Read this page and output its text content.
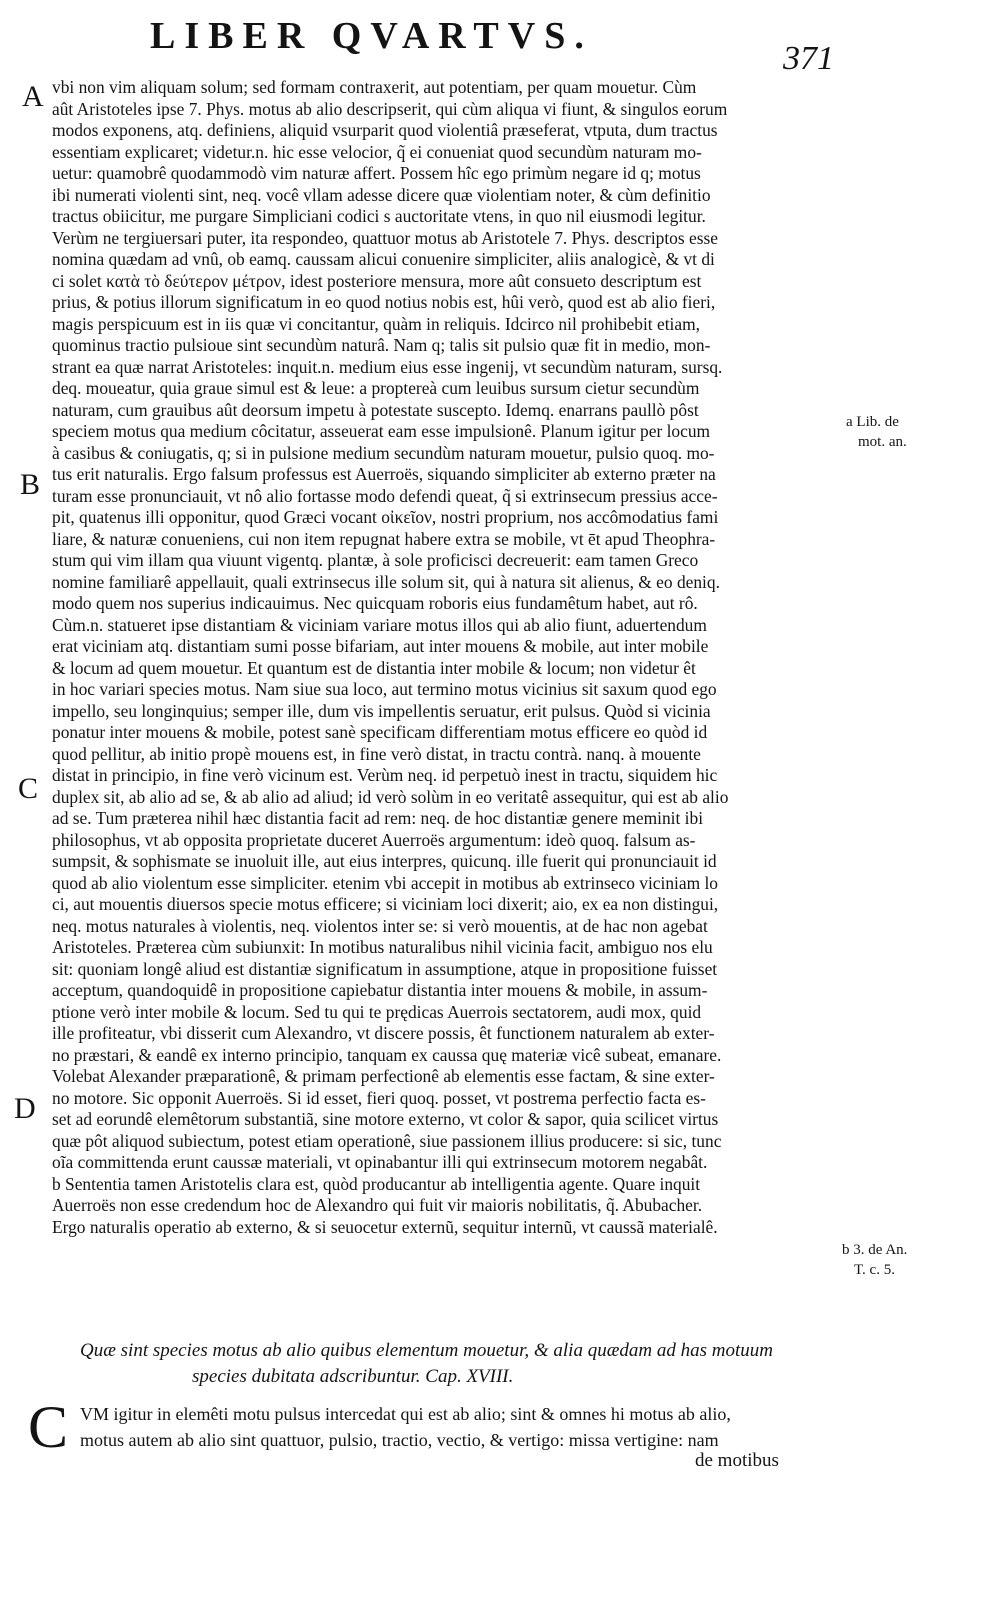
LIBER QVARTVS.
371
A
B
C
D
a Lib. de
mot. an.
b 3. de An.
T. c. 5.
vbi non vim aliquam solum; sed formam contraxerit, aut potentiam, per quam mouetur. Cùm
aût Aristoteles ipse 7. Phys. motus ab alio descripserit, qui cùm aliqua vi fiunt, & singulos eorum
modos exponens, atq. definiens, aliquid vsurparit quod violentiâ præseferat, vtputa, dum tractus
essentiam explicaret; videtur.n. hic esse velocior, q̃ ei conueniat quod secundùm naturam mo-
uetur: quamobrê quodammodò vim naturæ affert. Possem hîc ego primùm negare id q; motus
ibi numerati violenti sint, neq. você vllam adesse dicere quæ violentiam noter, & cùm definitio
tractus obiicitur, me purgare Simpliciani codici s auctoritate vtens, in quo nil eiusmodi legitur.
Verùm ne tergiuersari puter, ita respondeo, quattuor motus ab Aristotele 7. Phys. descriptos esse
nomina quædam ad vnû, ob eamq. caussam alicui conuenire simpliciter, aliis analogicè, & vt di
ci solet κατὰ τὸ δεύτερον μέτρον, idest posteriore mensura, more aût consueto descriptum est
prius, & potius illorum significatum in eo quod notius nobis est, hûi verò, quod est ab alio fieri,
magis perspicuum est in iis quæ vi concitantur, quàm in reliquis. Idcirco nil prohibebit etiam,
quominus tractio pulsioue sint secundùm naturâ. Nam q; talis sit pulsio quæ fit in medio, mon-
strant ea quæ narrat Aristoteles: inquit.n. medium eius esse ingenij, vt secundùm naturam, sursq.
deq. moueatur, quia graue simul est & leue: a proptereà cum leuibus sursum cietur secundùm
naturam, cum grauibus aût deorsum impetu à potestate suscepto. Idemq. enarrans paullò pôst
speciem motus qua medium côcitatur, asseuerat eam esse impulsionê. Planum igitur per locum
à casibus & coniugatis, q; si in pulsione medium secundùm naturam mouetur, pulsio quoq. mo-
tus erit naturalis. Ergo falsum professus est Auerroës, siquando simpliciter ab externo præter na
turam esse pronunciauit, vt nô alio fortasse modo defendi queat, q̃ si extrinsecum pressius acce-
pit, quatenus illi opponitur, quod Græci vocant οἰκεῖον, nostri proprium, nos accômodatius fami
liare, & naturæ conueniens, cui non item repugnat habere extra se mobile, vt ēt apud Theophra-
stum qui vim illam qua viuunt vigentq. plantæ, à sole proficisci decreuerit: eam tamen Greco
nomine familiarê appellauit, quali extrinsecus ille solum sit, qui à natura sit alienus, & eo deniq.
modo quem nos superius indicauimus. Nec quicquam roboris eius fundamêtum habet, aut rô.
Cùm.n. statueret ipse distantiam & viciniam variare motus illos qui ab alio fiunt, aduertendum
erat viciniam atq. distantiam sumi posse bifariam, aut inter mouens & mobile, aut inter mobile
& locum ad quem mouetur. Et quantum est de distantia inter mobile & locum; non videtur êt
in hoc variari species motus. Nam siue sua loco, aut termino motus vicinius sit saxum quod ego
impello, seu longinquius; semper ille, dum vis impellentis seruatur, erit pulsus. Quòd si vicinia
ponatur inter mouens & mobile, potest sanè specificam differentiam motus efficere eo quòd id
quod pellitur, ab initio propè mouens est, in fine verò distat, in tractu contrà. nanq. à mouente
distat in principio, in fine verò vicinum est. Verùm neq. id perpetuò inest in tractu, siquidem hic
duplex sit, ab alio ad se, & ab alio ad aliud; id verò solùm in eo veritatê assequitur, qui est ab alio
ad se. Tum præterea nihil hæc distantia facit ad rem: neq. de hoc distantiæ genere meminit ibi
philosophus, vt ab opposita proprietate duceret Auerroës argumentum: ideò quoq. falsum as-
sumpsit, & sophismate se inuoluit ille, aut eius interpres, quicunq. ille fuerit qui pronunciauit id
quod ab alio violentum esse simpliciter. etenim vbi accepit in motibus ab extrinseco viciniam lo
ci, aut mouentis diuersos specie motus efficere; si viciniam loci dixerit; aio, ex ea non distingui,
neq. motus naturales à violentis, neq. violentos inter se: si verò mouentis, at de hac non agebat
Aristoteles. Præterea cùm subiunxit: In motibus naturalibus nihil vicinia facit, ambiguo nos elu
sit: quoniam longê aliud est distantiæ significatum in assumptione, atque in propositione fuisset
acceptum, quandoquidê in propositione capiebatur distantia inter mouens & mobile, in assum-
ptione verò inter mobile & locum. Sed tu qui te prędicas Auerrois sectatorem, audi mox, quid
ille profiteatur, vbi disserit cum Alexandro, vt discere possis, êt functionem naturalem ab exter-
no præstari, & eandê ex interno principio, tanquam ex caussa quę materiæ vicê subeat, emanare.
Volebat Alexander præparationê, & primam perfectionê ab elementis esse factam, & sine exter-
no motore. Sic opponit Auerroës. Si id esset, fieri quoq. posset, vt postrema perfectio facta es-
set ad eorundê elemêtorum substantiã, sine motore externo, vt color & sapor, quia scilicet virtus
quæ pôt aliquod subiectum, potest etiam operationê, siue passionem illius producere: si sic, tunc
oĩa committenda erunt caussæ materiali, vt opinabantur illi qui extrinsecum motorem negabât.
b Sententia tamen Aristotelis clara est, quòd producantur ab intelligentia agente. Quare inquit
Auerroës non esse credendum hoc de Alexandro qui fuit vir maioris nobilitatis, q̃. Abubacher.
Ergo naturalis operatio ab externo, & si seuocetur externũ, sequitur internũ, vt caussã materialê.
Quæ sint species motus ab alio quibus elementum mouetur, & alia quædam ad has motuum
species dubitata adscribuntur. Cap. XVIII.
C VM igitur in elemêti motu pulsus intercedat qui est ab alio; sint & omnes hi motus ab alio,
motus autem ab alio sint quattuor, pulsio, tractio, vectio, & vertigo: missa vertigine: nam
de motibus
